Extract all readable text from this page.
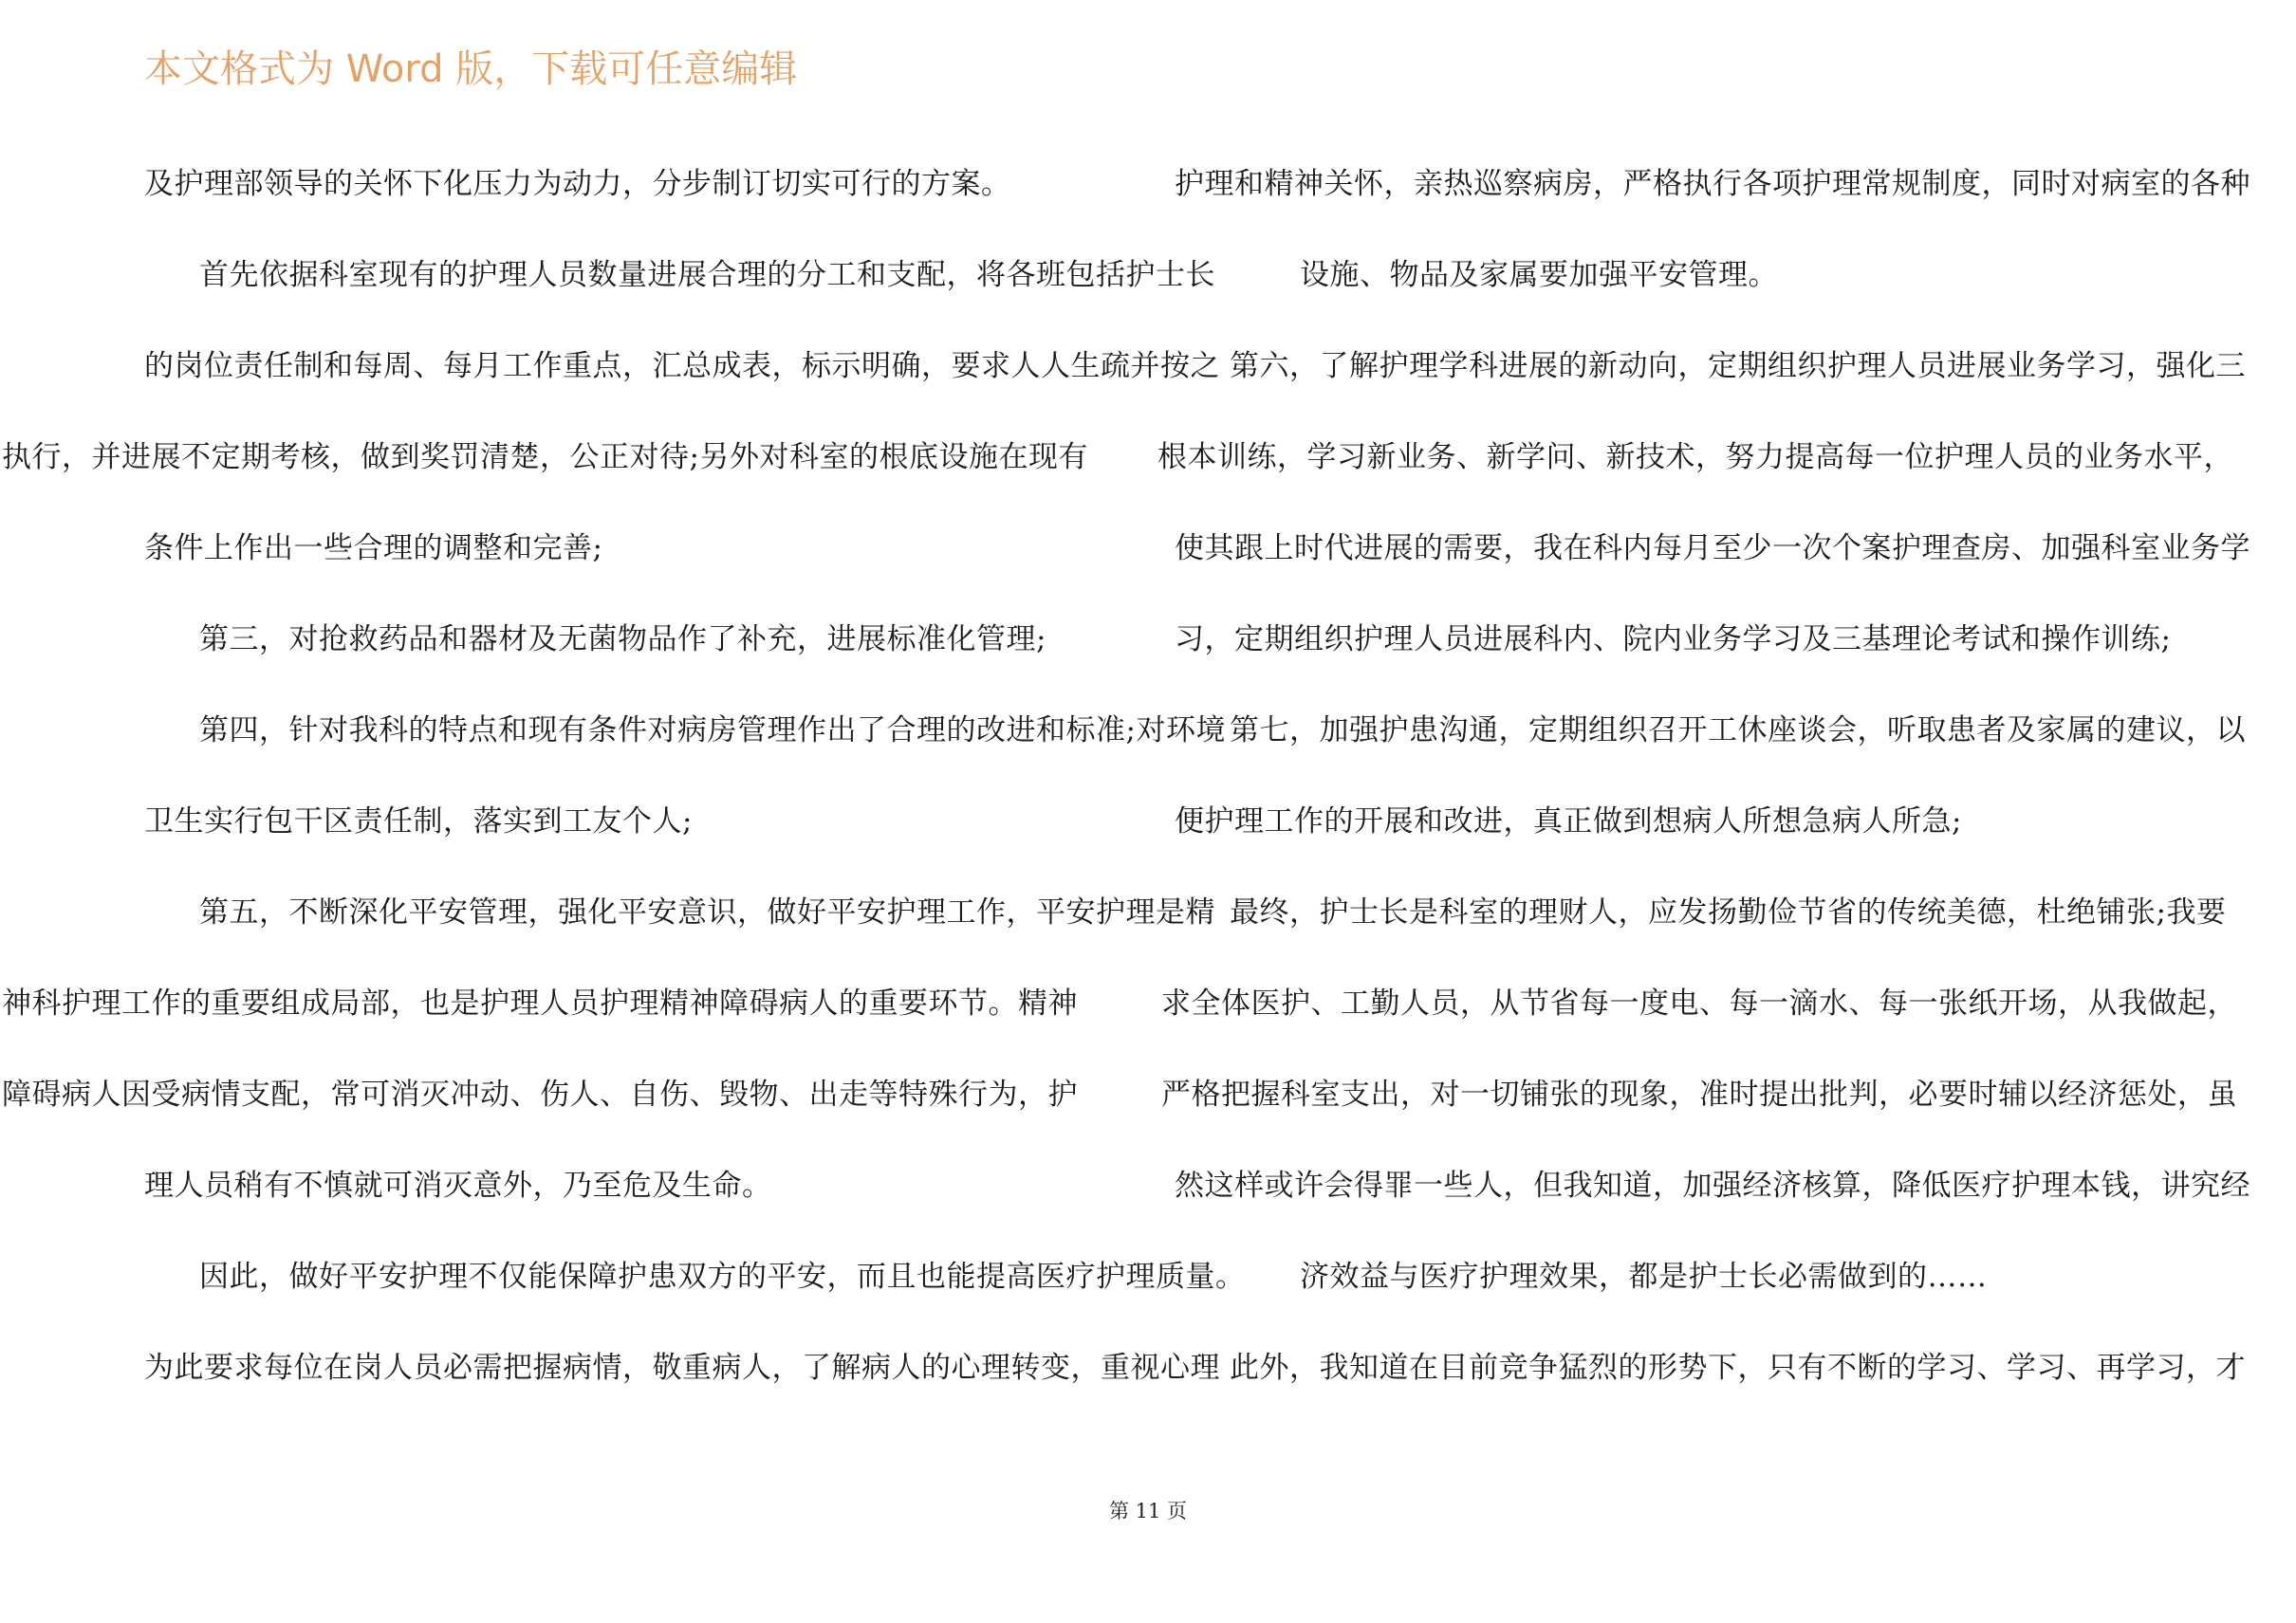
本文格式为 Word 版，下载可任意编辑
及护理部领导的关怀下化压力为动力，分步制订切实可行的方案。
首先依据科室现有的护理人员数量进展合理的分工和支配，将各班包括护士长
的岗位责任制和每周、每月工作重点，汇总成表，标示明确，要求人人生疏并按之
执行，并进展不定期考核，做到奖罚清楚，公正对待;另外对科室的根底设施在现有
条件上作出一些合理的调整和完善;
第三，对抢救药品和器材及无菌物品作了补充，进展标准化管理;
第四，针对我科的特点和现有条件对病房管理作出了合理的改进和标准;对环境
卫生实行包干区责任制，落实到工友个人;
第五，不断深化平安管理，强化平安意识，做好平安护理工作，平安护理是精
神科护理工作的重要组成局部，也是护理人员护理精神障碍病人的重要环节。精神
障碍病人因受病情支配，常可消灭冲动、伤人、自伤、毁物、出走等特殊行为，护
理人员稍有不慎就可消灭意外，乃至危及生命。
因此，做好平安护理不仅能保障护患双方的平安，而且也能提高医疗护理质量。
为此要求每位在岗人员必需把握病情，敬重病人，了解病人的心理转变，重视心理
护理和精神关怀，亲热巡察病房，严格执行各项护理常规制度，同时对病室的各种
设施、物品及家属要加强平安管理。
第六，了解护理学科进展的新动向，定期组织护理人员进展业务学习，强化三
根本训练，学习新业务、新学问、新技术，努力提高每一位护理人员的业务水平，
使其跟上时代进展的需要，我在科内每月至少一次个案护理查房、加强科室业务学
习，定期组织护理人员进展科内、院内业务学习及三基理论考试和操作训练;
第七，加强护患沟通，定期组织召开工休座谈会，听取患者及家属的建议，以
便护理工作的开展和改进，真正做到想病人所想急病人所急;
最终，护士长是科室的理财人，应发扬勤俭节省的传统美德，杜绝铺张;我要
求全体医护、工勤人员，从节省每一度电、每一滴水、每一张纸开场，从我做起，
严格把握科室支出，对一切铺张的现象，准时提出批判，必要时辅以经济惩处，虽
然这样或许会得罪一些人，但我知道，加强经济核算，降低医疗护理本钱，讲究经
济效益与医疗护理效果，都是护士长必需做到的……
此外，我知道在目前竞争猛烈的形势下，只有不断的学习、学习、再学习，才
第 11 页
